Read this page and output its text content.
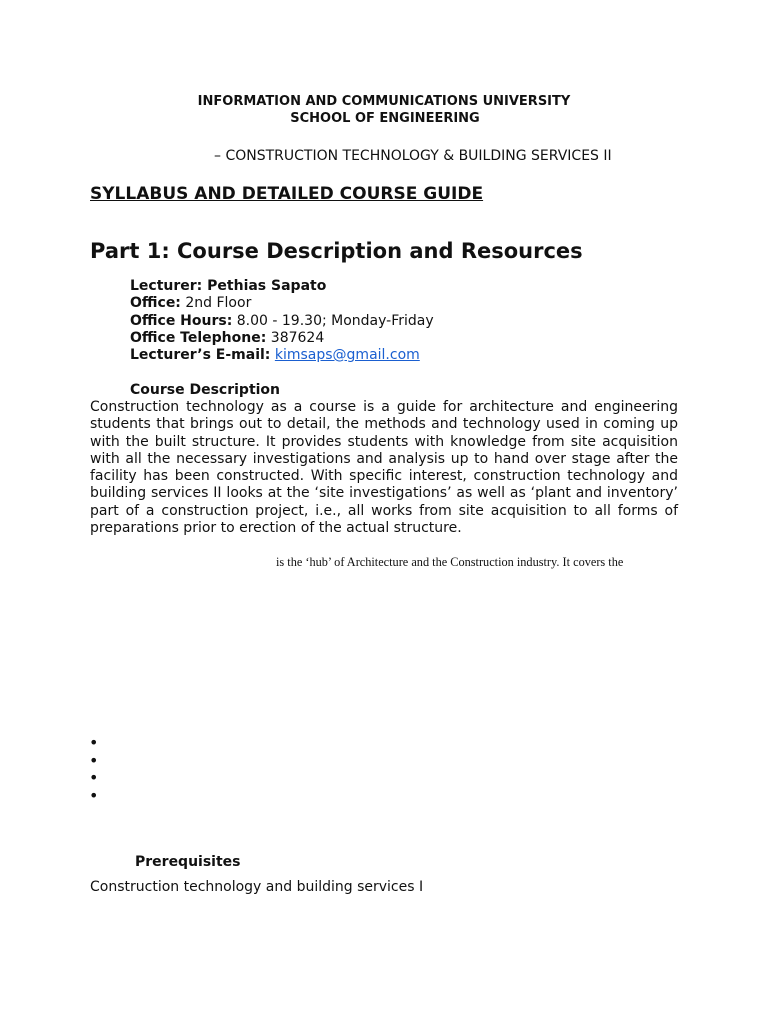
INFORMATION AND COMMUNICATIONS UNIVERSITY
SCHOOL OF ENGINEERING
– CONSTRUCTION TECHNOLOGY & BUILDING SERVICES II
SYLLABUS AND DETAILED COURSE GUIDE
Part 1: Course Description and Resources
Lecturer: Pethias Sapato
Office: 2nd Floor
Office Hours: 8.00 - 19.30; Monday-Friday
Office Telephone: 387624
Lecturer’s E-mail: kimsaps@gmail.com
Course Description
Construction technology as a course is a guide for architecture and engineering students that brings out to detail, the methods and technology used in coming up with the built structure. It provides students with knowledge from site acquisition with all the necessary investigations and analysis up to hand over stage after the facility has been constructed. With specific interest, construction technology and building services II looks at the ‘site investigations’ as well as ‘plant and inventory’ part of a construction project, i.e., all works from site acquisition to all forms of preparations prior to erection of the actual structure.
is the ‘hub’ of Architecture and the Construction industry. It covers the
•
•
•
•
Prerequisites
Construction technology and building services I
